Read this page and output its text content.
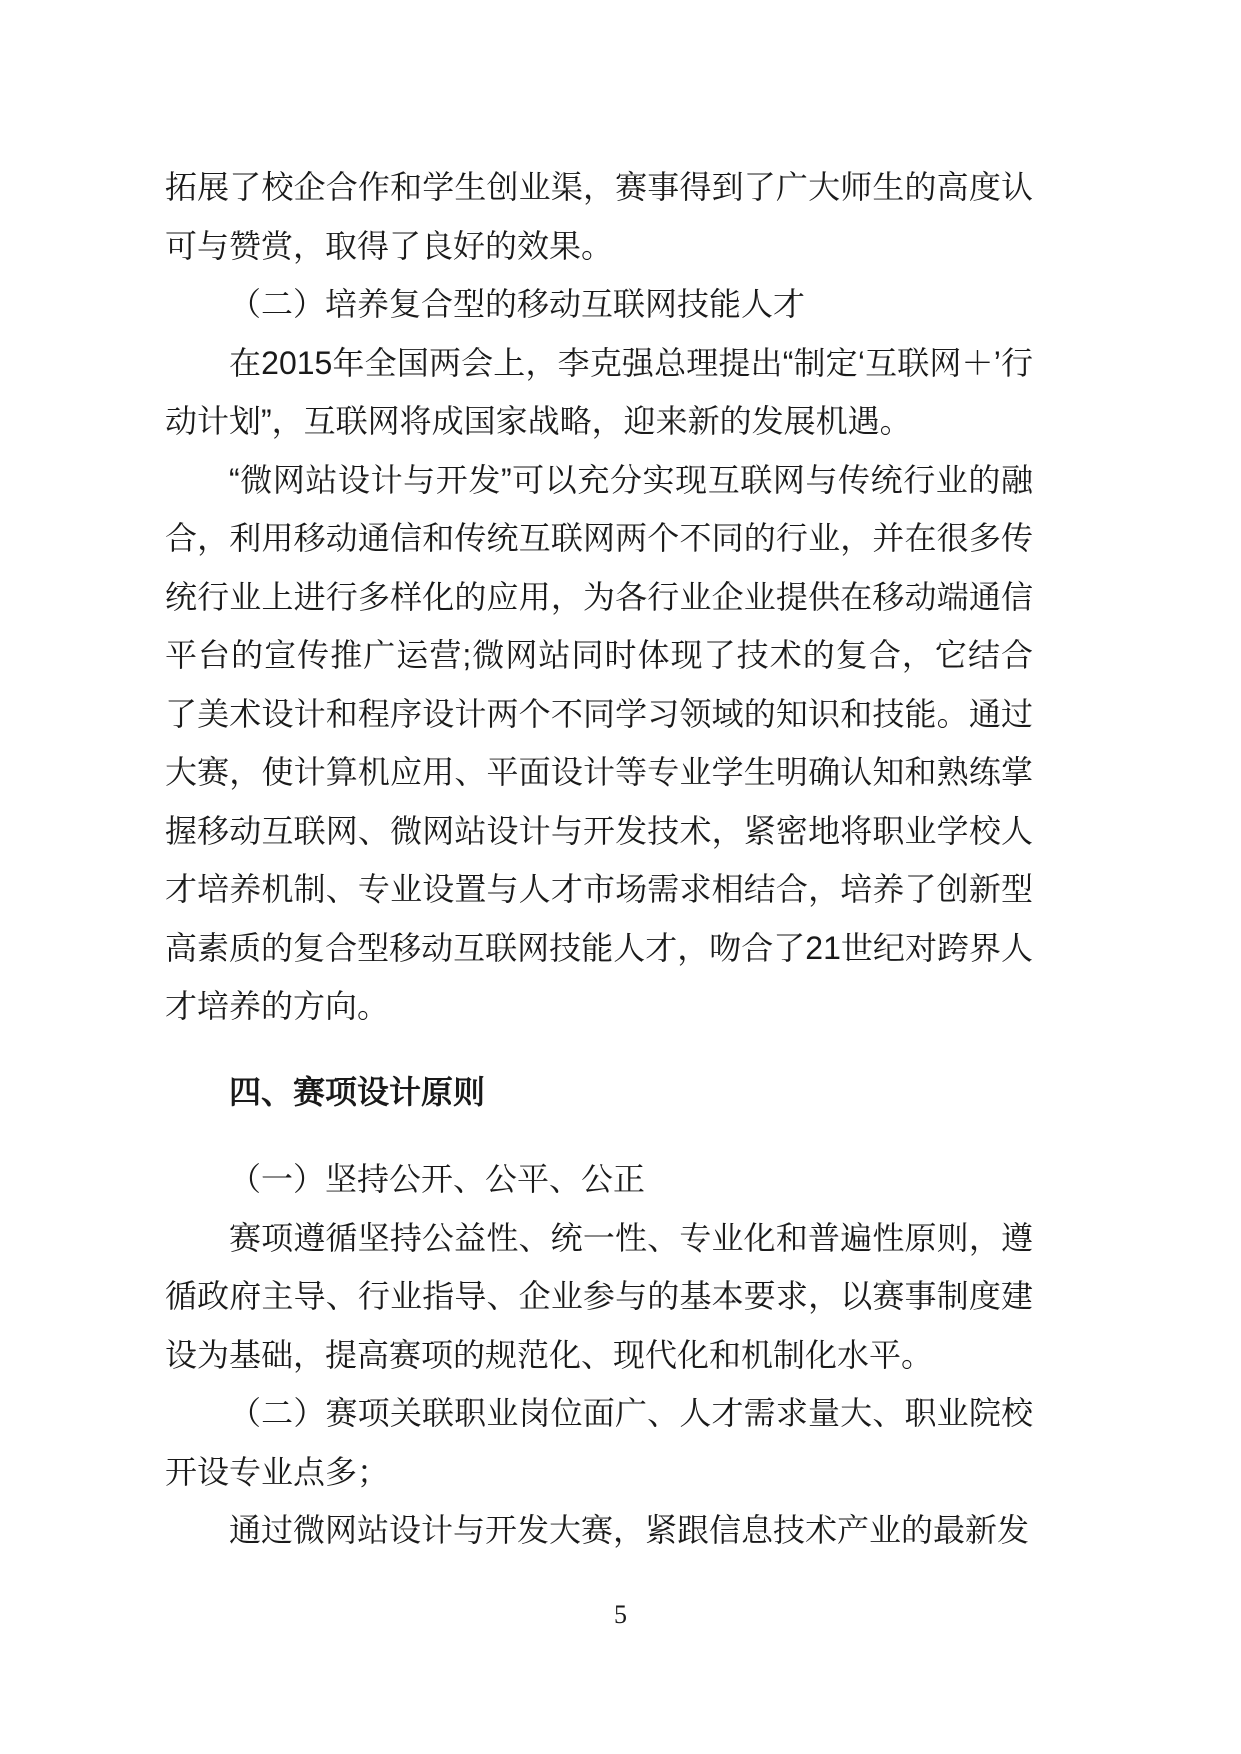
拓展了校企合作和学生创业渠，赛事得到了广大师生的高度认可与赞赏，取得了良好的效果。

（二）培养复合型的移动互联网技能人才

在2015年全国两会上，李克强总理提出“制定‘互联网＋’行动计划”，互联网将成国家战略，迎来新的发展机遇。

“微网站设计与开发”可以充分实现互联网与传统行业的融合，利用移动通信和传统互联网两个不同的行业，并在很多传统行业上进行多样化的应用，为各行业企业提供在移动端通信平台的宣传推广运营;微网站同时体现了技术的复合，它结合了美术设计和程序设计两个不同学习领域的知识和技能。通过大赛，使计算机应用、平面设计等专业学生明确认知和熟练掌握移动互联网、微网站设计与开发技术，紧密地将职业学校人才培养机制、专业设置与人才市场需求相结合，培养了创新型高素质的复合型移动互联网技能人才，吻合了21世纪对跨界人才培养的方向。

四、赛项设计原则

（一）坚持公开、公平、公正

赛项遵循坚持公益性、统一性、专业化和普遍性原则，遵循政府主导、行业指导、企业参与的基本要求，以赛事制度建设为基础，提高赛项的规范化、现代化和机制化水平。

（二）赛项关联职业岗位面广、人才需求量大、职业院校开设专业点多；

通过微网站设计与开发大赛，紧跟信息技术产业的最新发

5
